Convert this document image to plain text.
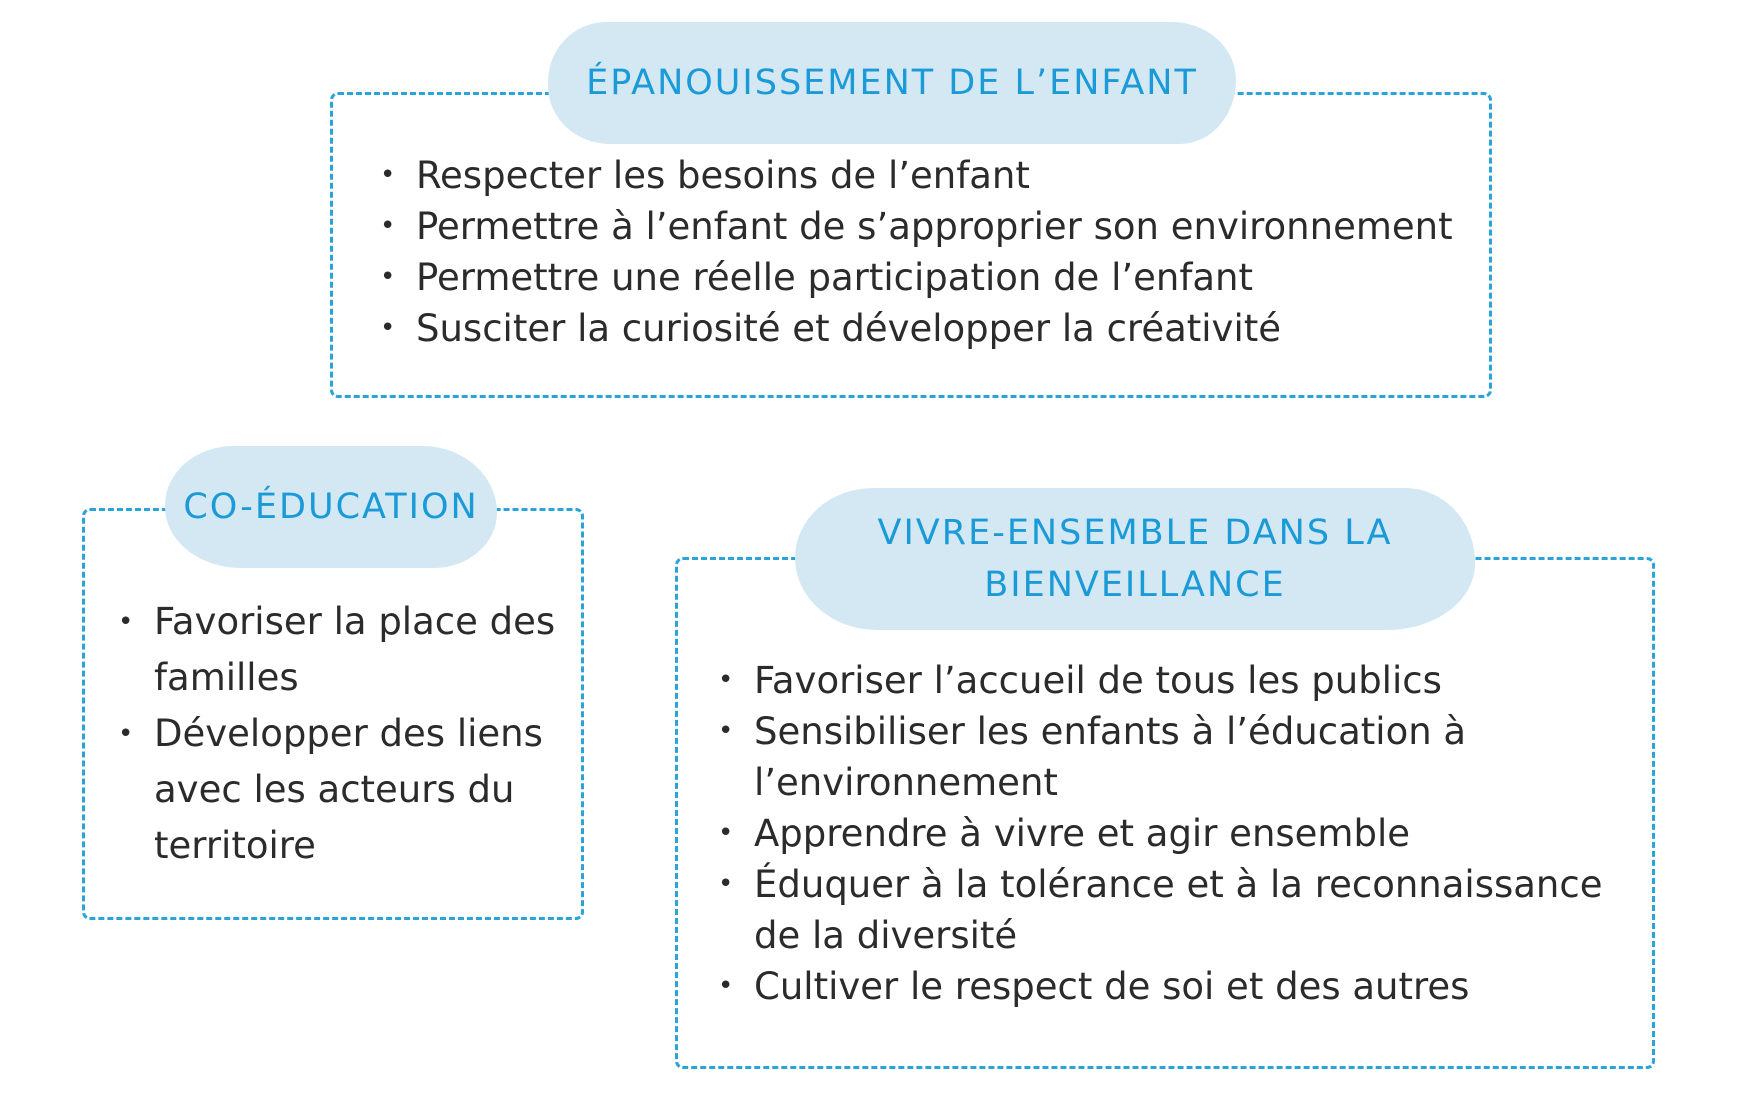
ÉPANOUISSEMENT DE L’ENFANT
• Respecter les besoins de l’enfant
• Permettre à l’enfant de s’approprier son environnement
• Permettre une réelle participation de l’enfant
• Susciter la curiosité et développer la créativité
CO-ÉDUCATION
• Favoriser la place des familles
• Développer des liens avec les acteurs du territoire
VIVRE-ENSEMBLE DANS LA
BIENVEILLANCE
• Favoriser l’accueil de tous les publics
• Sensibiliser les enfants à l’éducation à l’environnement
• Apprendre à vivre et agir ensemble
• Éduquer à la tolérance et à la reconnaissance de la diversité
• Cultiver le respect de soi et des autres
